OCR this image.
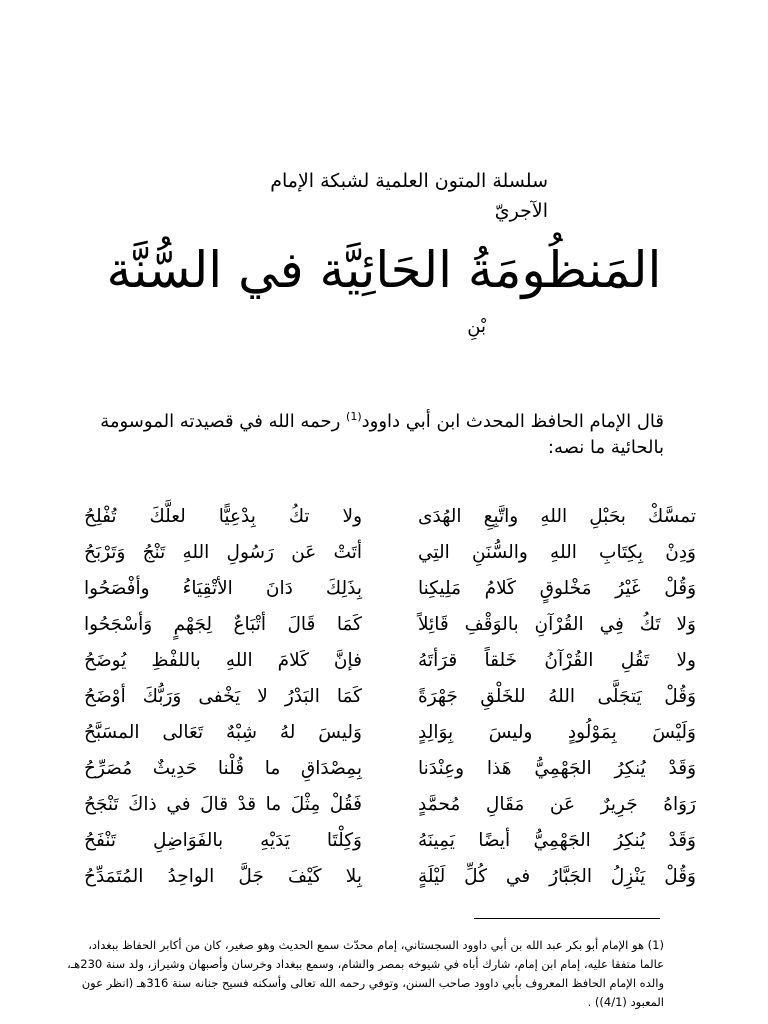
سلسلة المتون العلمية لشبكة الإمام الآجريّ
المَنظُومَةُ الحَائِيَّة في السُّنَّة
بْنِ
قال الإمام الحافظ المحدث ابن أبي داوود$^{(1)}$ رحمه الله في قصيدته الموسومة بالحائية ما نصه:
تمسَّكْ بحَبْلِ اللهِ واتَّبِعِ الهُدَى
ولا تكُ بِدْعِيًّا لعلَّكَ تُفْلِحُ
وَدِنْ بِكِتَابِ اللهِ والسُّنَنِ التِي
أتَتْ عَن رَسُولِ اللهِ تَنْجُ وَتَرْبَحُ
وَقُلْ غَيْرُ مَخْلوقٍ كَلامُ مَلِيكِنا
بِذَلِكَ دَانَ الأتْقِيَاءُ وأفْصَحُوا
وَلا تَكُ فِي القُرْآنِ بالوَقْفِ قَائِلاً
كَمَا قَالَ أتْبَاعٌ لِجَهْمٍ وَأسْجَحُوا
ولا تَقُلِ القُرْآنُ خَلقاً قرَأتَهُ
فإنَّ كَلامَ اللهِ باللفْظِ يُوضَحُ
وَقُلْ يَتجَلَّى اللهُ للخَلْقِ جَهْرَةً
كَمَا البَدْرُ لا يَخْفى وَرَبُّكَ أوْضَحُ
وَلَيْسَ بِمَوْلُودٍ وليسَ بِوَالِدٍ
وَليسَ لهُ شِبْهٌ تَعَالى المسَبَّحُ
وَقَدْ يُنكِرُ الجَهْمِيُّ هَذا وعِنْدَنا
بِمِصْدَاقِ ما قُلْنا حَدِيثٌ مُصَرِّحُ
رَوَاهُ جَرِيرٌ عَن مَقَالِ مُحمَّدٍ
فَقُلْ مِثْلَ ما قدْ قالَ في ذاكَ تَنْجَحُ
وَقَدْ يُنكِرُ الجَهْمِيُّ أيضًا يَمِينَهُ
وَكِلْتَا يَدَيْهِ بالفَوَاضِلِ تَنْفَحُ
وَقُلْ يَنْزِلُ الجَبَّارُ في كُلِّ لَيْلَةٍ
بِلا كَيْفَ جَلَّ الواحِدُ المُتَمَدِّحُ
(1) هو الإمام أبو بكر عبد الله بن أبي داوود السجستاني، إمام محدّث سمع الحديث وهو صغير، كان من أكابر الحفاظ ببغداد، عالما متفقا عليه، إمام ابن إمام، شارك أباه في شيوخه بمصر والشام، وسمع ببغداد وخرسان وأصبهان وشيراز، ولد سنة 230هـ، والده الإمام الحافظ المعروف بأبي داوود صاحب السنن، وتوفي رحمه الله تعالى وأسكنه فسيح جنانه سنة 316هـ (انظر عون المعبود (4/1)) .
